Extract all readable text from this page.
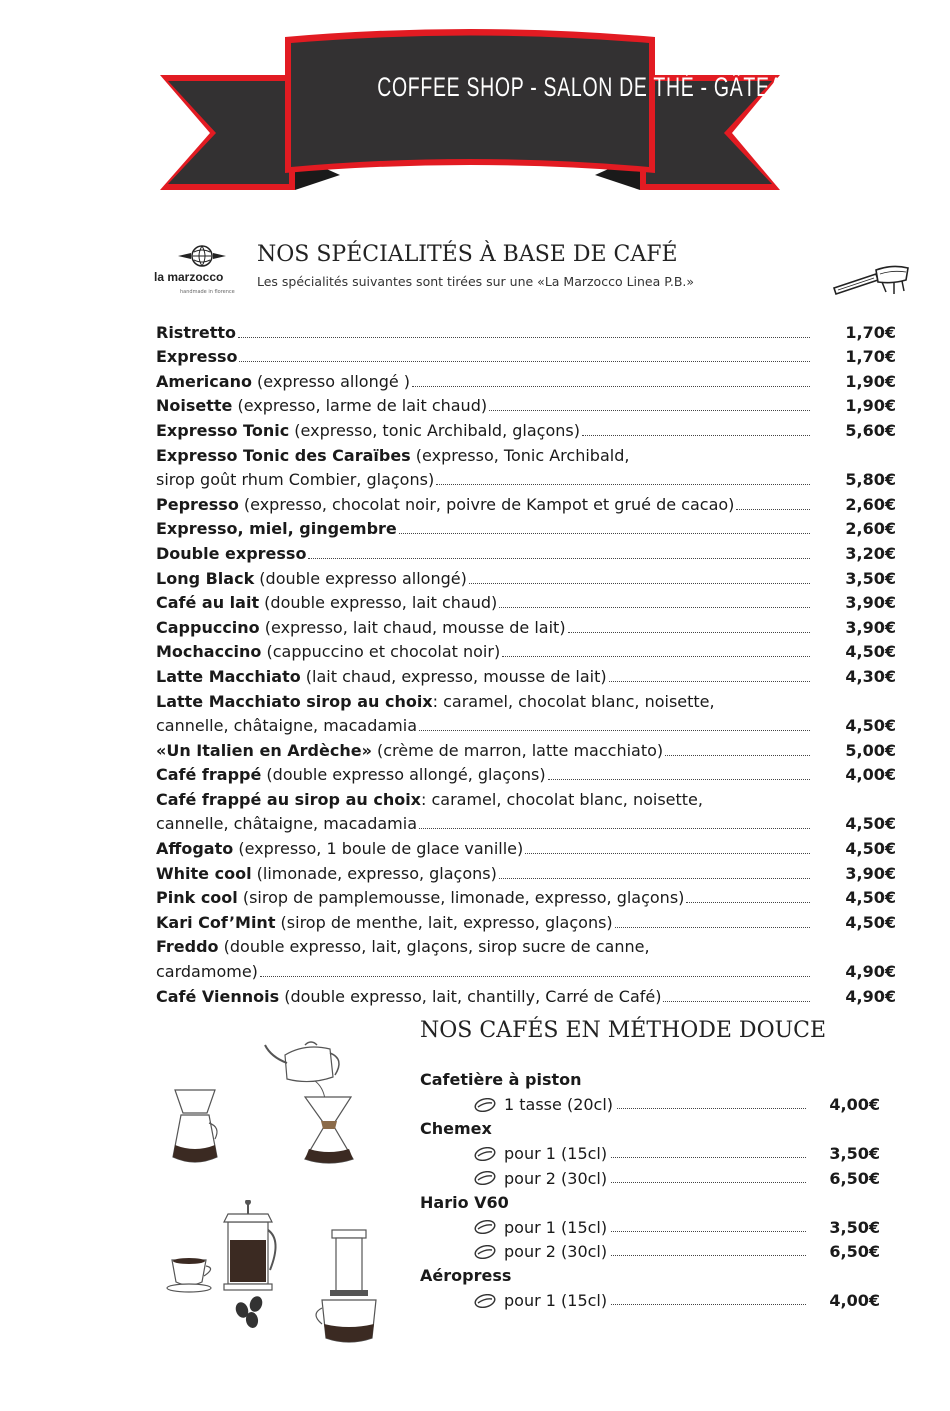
COFFEE SHOP - SALON DE THÉ - GÂTEAUX MAISON
la marzocco
handmade in florence
NOS SPÉCIALITÉS À BASE DE CAFÉ
Les spécialités suivantes sont tirées sur une «La Marzocco Linea P.B.»
Ristretto	1,70€
Expresso	1,70€
Americano (expresso allongé )	1,90€
Noisette (expresso, larme de lait chaud)	1,90€
Expresso Tonic (expresso, tonic Archibald, glaçons)	5,60€
Expresso Tonic des Caraïbes (expresso, Tonic Archibald,
sirop goût rhum Combier, glaçons)	5,80€
Pepresso (expresso, chocolat noir, poivre de Kampot et grué de cacao)	2,60€
Expresso, miel, gingembre	2,60€
Double expresso	3,20€
Long Black (double expresso allongé)	3,50€
Café au lait (double expresso, lait chaud)	3,90€
Cappuccino (expresso, lait chaud, mousse de lait)	3,90€
Mochaccino (cappuccino et chocolat noir)	4,50€
Latte Macchiato (lait chaud, expresso, mousse de lait)	4,30€
Latte Macchiato sirop au choix: caramel, chocolat blanc, noisette,
cannelle, châtaigne, macadamia	4,50€
«Un Italien en Ardèche» (crème de marron, latte macchiato)	5,00€
Café frappé (double expresso allongé, glaçons)	4,00€
Café frappé au sirop au choix: caramel, chocolat blanc, noisette,
cannelle, châtaigne, macadamia	4,50€
Affogato (expresso, 1 boule de glace vanille)	4,50€
White cool (limonade, expresso, glaçons)	3,90€
Pink cool (sirop de pamplemousse, limonade, expresso, glaçons)	4,50€
Kari Cof’Mint (sirop de menthe, lait, expresso, glaçons)	4,50€
Freddo (double expresso, lait, glaçons, sirop sucre de canne,
cardamome)	4,90€
Café Viennois (double expresso, lait, chantilly, Carré de Café)	4,90€
NOS CAFÉS EN MÉTHODE DOUCE
Cafetière à piston
1 tasse (20cl)	4,00€
Chemex
pour 1 (15cl)	3,50€
pour 2 (30cl)	6,50€
Hario V60
pour 1 (15cl)	3,50€
pour 2 (30cl)	6,50€
Aéropress
pour 1 (15cl)	4,00€
